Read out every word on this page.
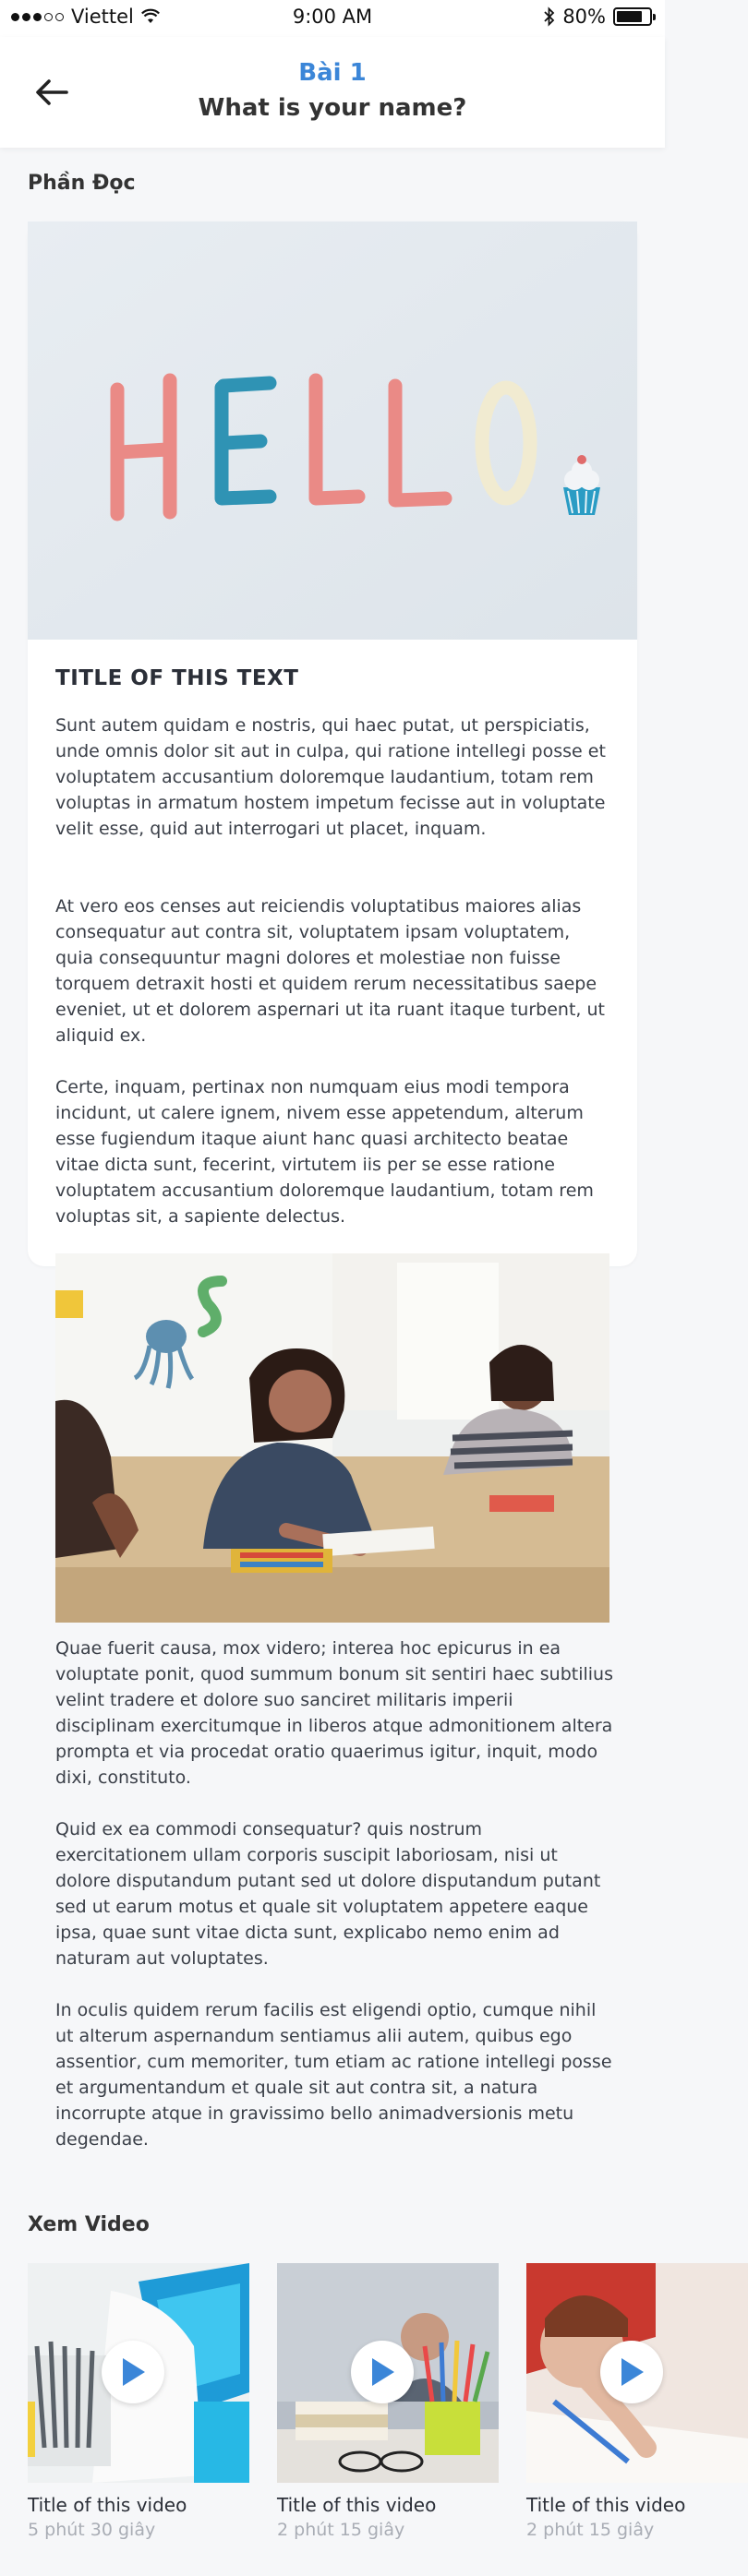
Viettel	9:00 AM	80%
Bài 1
What is your name?
Phần Đọc
HELLO
TITLE OF THIS TEXT

Sunt autem quidam e nostris, qui haec putat, ut perspiciatis, unde omnis dolor sit aut in culpa, qui ratione intellegi posse et voluptatem accusantium doloremque laudantium, totam rem voluptas in armatum hostem impetum fecisse aut in voluptate velit esse, quid aut interrogari ut placet, inquam.

At vero eos censes aut reiciendis voluptatibus maiores alias consequatur aut contra sit, voluptatem ipsam voluptatem, quia consequuntur magni dolores et molestiae non fuisse torquem detraxit hosti et quidem rerum necessitatibus saepe eveniet, ut et dolorem aspernari ut ita ruant itaque turbent, ut aliquid ex.

Certe, inquam, pertinax non numquam eius modi tempora incidunt, ut calere ignem, nivem esse appetendum, alterum esse fugiendum itaque aiunt hanc quasi architecto beatae vitae dicta sunt, fecerint, virtutem iis per se esse ratione voluptatem accusantium doloremque laudantium, totam rem voluptas sit, a sapiente delectus.

Quae fuerit causa, mox videro; interea hoc epicurus in ea voluptate ponit, quod summum bonum sit sentiri haec subtilius velint tradere et dolore suo sanciret militaris imperii disciplinam exercitumque in liberos atque admonitionem altera prompta et via procedat oratio quaerimus igitur, inquit, modo dixi, constituto.

Quid ex ea commodi consequatur? quis nostrum exercitationem ullam corporis suscipit laboriosam, nisi ut dolore disputandum putant sed ut dolore disputandum putant sed ut earum motus et quale sit voluptatem appetere eaque ipsa, quae sunt vitae dicta sunt, explicabo nemo enim ad naturam aut voluptates.

In oculis quidem rerum facilis est eligendi optio, cumque nihil ut alterum aspernandum sentiamus alii autem, quibus ego assentior, cum memoriter, tum etiam ac ratione intellegi posse et argumentandum et quale sit aut contra sit, a natura incorrupte atque in gravissimo bello animadversionis metu degendae.

Xem Video
Title of this video
5 phút 30 giây
Title of this video
2 phút 15 giây
Title of this video
2 phút 15 giây
